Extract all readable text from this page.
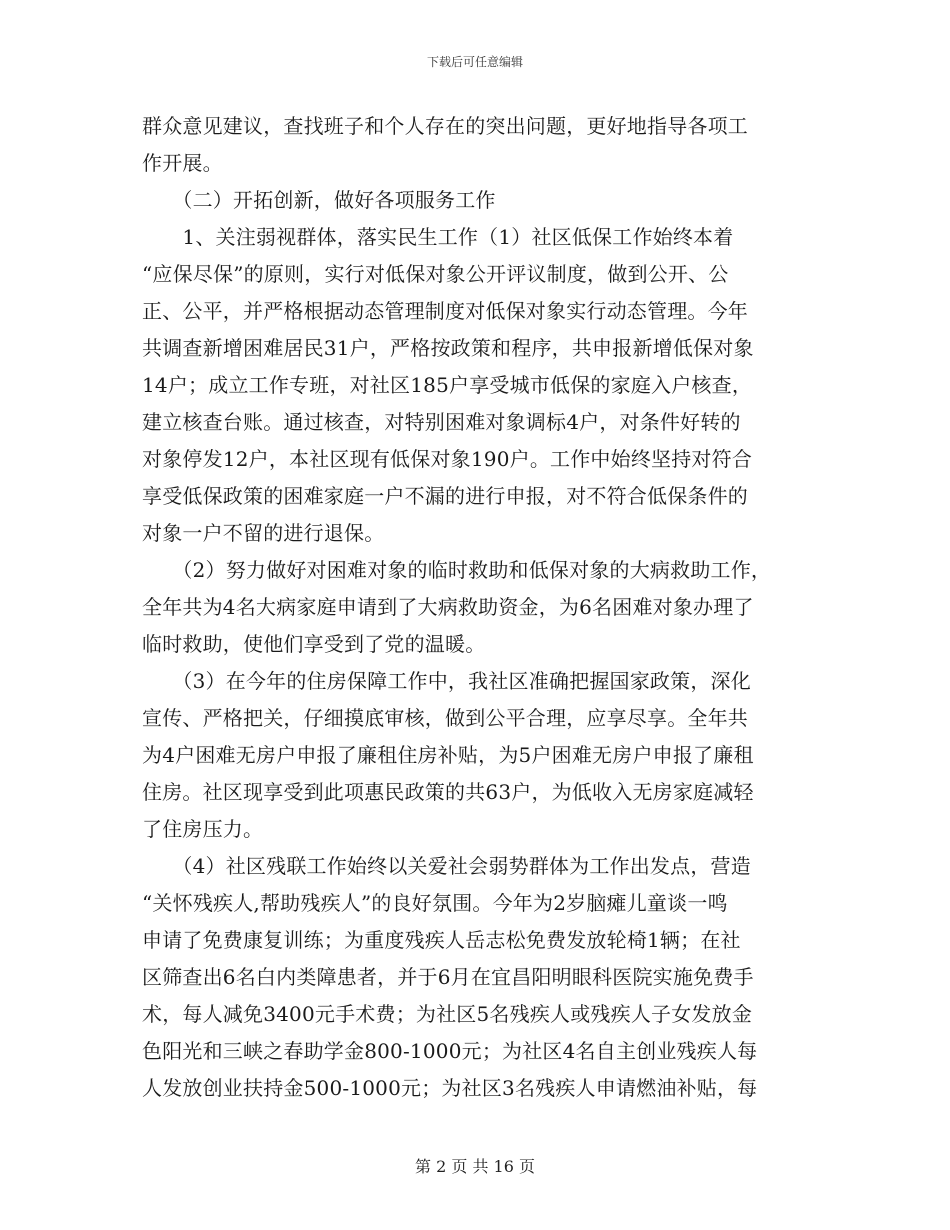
下载后可任意编辑
群众意见建议，查找班子和个人存在的突出问题，更好地指导各项工
作开展。
　　（二）开拓创新，做好各项服务工作
　　1、关注弱视群体，落实民生工作（1）社区低保工作始终本着
“应保尽保”的原则，实行对低保对象公开评议制度，做到公开、公
正、公平，并严格根据动态管理制度对低保对象实行动态管理。今年
共调查新增困难居民31户，严格按政策和程序，共申报新增低保对象
14户；成立工作专班，对社区185户享受城市低保的家庭入户核查，
建立核查台账。通过核查，对特别困难对象调标4户，对条件好转的
对象停发12户，本社区现有低保对象190户。工作中始终坚持对符合
享受低保政策的困难家庭一户不漏的进行申报，对不符合低保条件的
对象一户不留的进行退保。
　　（2）努力做好对困难对象的临时救助和低保对象的大病救助工作，
全年共为4名大病家庭申请到了大病救助资金，为6名困难对象办理了
临时救助，使他们享受到了党的温暖。
　　（3）在今年的住房保障工作中，我社区准确把握国家政策，深化
宣传、严格把关，仔细摸底审核，做到公平合理，应享尽享。全年共
为4户困难无房户申报了廉租住房补贴，为5户困难无房户申报了廉租
住房。社区现享受到此项惠民政策的共63户，为低收入无房家庭减轻
了住房压力。
　　（4）社区残联工作始终以关爱社会弱势群体为工作出发点，营造
“关怀残疾人,帮助残疾人”的良好氛围。今年为2岁脑瘫儿童谈一鸣
申请了免费康复训练；为重度残疾人岳志松免费发放轮椅1辆；在社
区筛查出6名白内类障患者，并于6月在宜昌阳明眼科医院实施免费手
术，每人减免3400元手术费；为社区5名残疾人或残疾人子女发放金
色阳光和三峡之春助学金800-1000元；为社区4名自主创业残疾人每
人发放创业扶持金500-1000元；为社区3名残疾人申请燃油补贴，每
第 2 页 共 16 页
